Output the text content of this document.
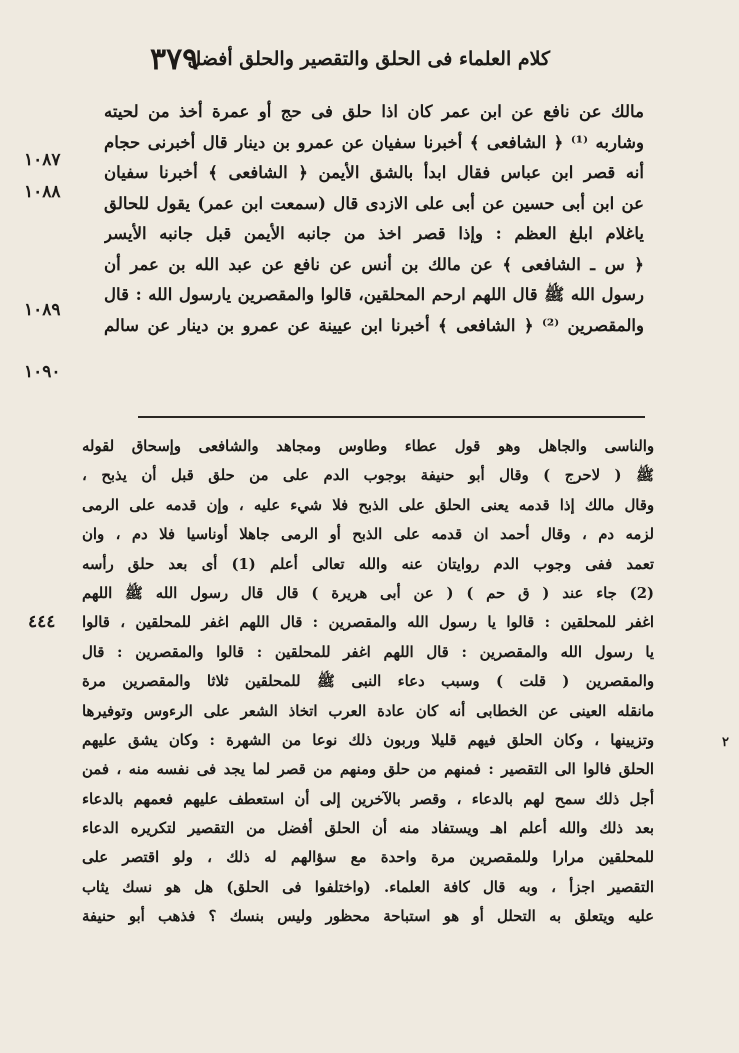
٣٧٩
كلام العلماء فى الحلق والتقصير والحلق أفضل
مالك عن نافع عن ابن عمر كان اذا حلق فى حج أو عمرة أخذ من لحيته
وشاربه ⁽¹⁾ ﴿ الشافعى ﴾ أخبرنا سفيان عن عمرو بن دينار قال أخبرنى حجام
أنه قصر ابن عباس فقال ابدأ بالشق الأيمن ﴿ الشافعى ﴾ أخبرنا سفيان
عن ابن أبى حسين عن أبى على الازدى قال (سمعت ابن عمر) يقول للحالق
ياغلام ابلغ العظم : وإذا قصر اخذ من جانبه الأيمن قبل جانبه الأيسر
﴿ س ـ الشافعى ﴾ عن مالك بن أنس عن نافع عن عبد الله بن عمر أن
رسول الله ﷺ قال اللهم ارحم المحلقين، قالوا والمقصرين يارسول الله : قال
والمقصرين ⁽²⁾ ﴿ الشافعى ﴾ أخبرنا ابن عيينة عن عمرو بن دينار عن سالم
١٠٨٧
١٠٨٨
١٠٨٩
١٠٩٠
والناسى والجاهل وهو قول عطاء وطاوس ومجاهد والشافعى وإسحاق لقوله
ﷺ ( لاحرج ) وقال أبو حنيفة بوجوب الدم على من حلق قبل أن يذبح ،
وقال مالك إذا قدمه يعنى الحلق على الذبح فلا شيء عليه ، وإن قدمه على الرمى
لزمه دم ، وقال أحمد ان قدمه على الذبح أو الرمى جاهلا أوناسيا فلا دم ، وان
تعمد ففى وجوب الدم روايتان عنه والله تعالى أعلم (1) أى بعد حلق رأسه
(2) جاء عند ( ق حم ) ( عن أبى هريرة ) قال قال رسول الله ﷺ اللهم
اغفر للمحلقين : قالوا يا رسول الله والمقصرين : قال اللهم اغفر للمحلقين ، قالوا
يا رسول الله والمقصرين : قال اللهم اغفر للمحلقين : قالوا والمقصرين : قال
والمقصرين ( قلت ) وسبب دعاء النبى ﷺ للمحلقين ثلاثا والمقصرين مرة
مانقله العينى عن الخطابى أنه كان عادة العرب اتخاذ الشعر على الرءوس وتوفيرها
وتزيينها ، وكان الحلق فيهم قليلا وربون ذلك نوعا من الشهرة : وكان يشق عليهم
الحلق فالوا الى التقصير : فمنهم من حلق ومنهم من قصر لما يجد فى نفسه منه ، فمن
أجل ذلك سمح لهم بالدعاء ، وقصر بالآخرين إلى أن استعطف عليهم فعمهم بالدعاء
بعد ذلك والله أعلم اهـ ويستفاد منه أن الحلق أفضل من التقصير لتكريره الدعاء
للمحلقين مرارا وللمقصرين مرة واحدة مع سؤالهم له ذلك ، ولو اقتصر على
التقصير اجزأ ، وبه قال كافة العلماء. (واختلفوا فى الحلق) هل هو نسك يثاب
عليه ويتعلق به التحلل أو هو استباحة محظور وليس بنسك ؟ فذهب أبو حنيفة
٤٤٤
٢
